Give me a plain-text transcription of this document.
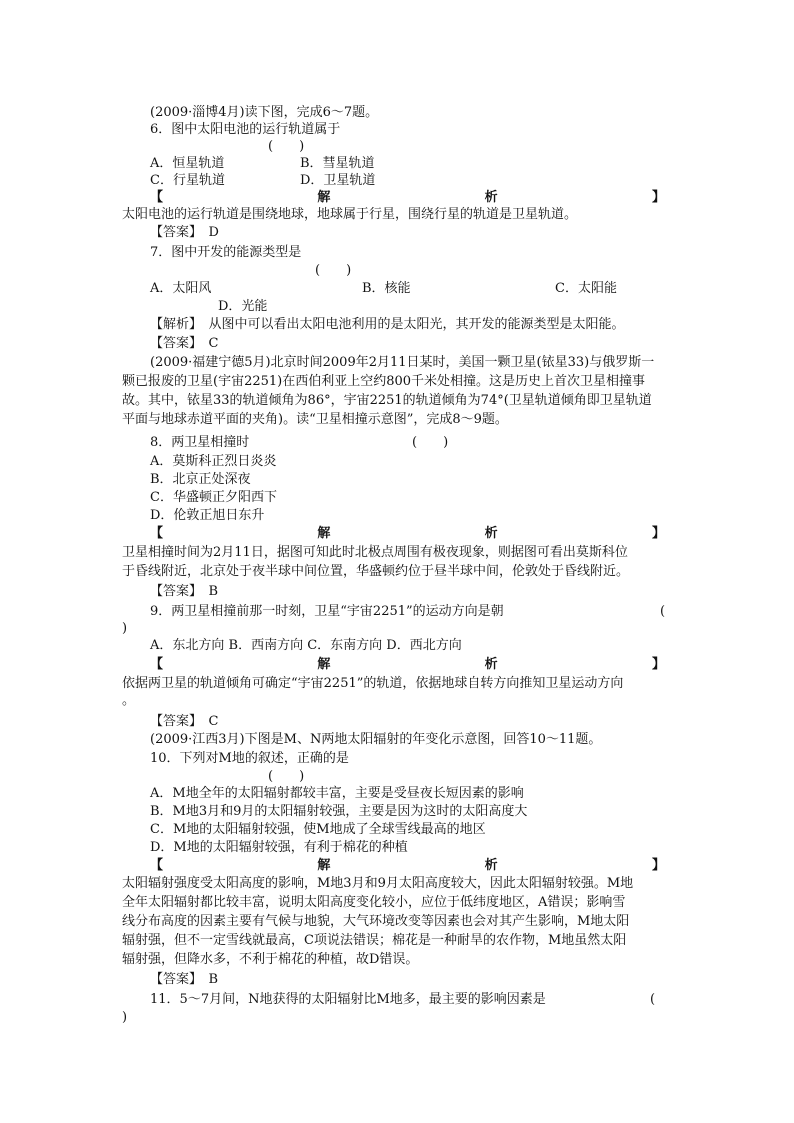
(2009·淄博4月)读下图，完成6～7题。
6．图中太阳电池的运行轨道属于
(　　)
A．恒星轨道	B．彗星轨道
C．行星轨道	D．卫星轨道
【	解	析	】
太阳电池的运行轨道是围绕地球，地球属于行星，围绕行星的轨道是卫星轨道。
【答案】　D
7．图中开发的能源类型是
(　　)
A．太阳风	B．核能	C．太阳能
D．光能
【解析】　从图中可以看出太阳电池利用的是太阳光，其开发的能源类型是太阳能。
【答案】　C
(2009·福建宁德5月)北京时间2009年2月11日某时，美国一颗卫星(铱星33)与俄罗斯一
颗已报废的卫星(宇宙2251)在西伯利亚上空约800千米处相撞。这是历史上首次卫星相撞事
故。其中，铱星33的轨道倾角为86°，宇宙2251的轨道倾角为74°(卫星轨道倾角即卫星轨道
平面与地球赤道平面的夹角)。读“卫星相撞示意图”，完成8～9题。
8．两卫星相撞时	(　　)
A．莫斯科正烈日炎炎
B．北京正处深夜
C．华盛顿正夕阳西下
D．伦敦正旭日东升
【	解	析	】
卫星相撞时间为2月11日，据图可知此时北极点周围有极夜现象，则据图可看出莫斯科位
于昏线附近，北京处于夜半球中间位置，华盛顿约位于昼半球中间，伦敦处于昏线附近。
【答案】　B
9．两卫星相撞前那一时刻，卫星“宇宙2251”的运动方向是朝	(
)
A．东北方向 B．西南方向 C．东南方向 D．西北方向
【	解	析	】
依据两卫星的轨道倾角可确定“宇宙2251”的轨道，依据地球自转方向推知卫星运动方向
。
【答案】　C
(2009·江西3月)下图是M、N两地太阳辐射的年变化示意图，回答10～11题。
10．下列对M地的叙述，正确的是
(　　)
A．M地全年的太阳辐射都较丰富，主要是受昼夜长短因素的影响
B．M地3月和9月的太阳辐射较强，主要是因为这时的太阳高度大
C．M地的太阳辐射较强，使M地成了全球雪线最高的地区
D．M地的太阳辐射较强，有利于棉花的种植
【	解	析	】
太阳辐射强度受太阳高度的影响，M地3月和9月太阳高度较大，因此太阳辐射较强。M地
全年太阳辐射都比较丰富，说明太阳高度变化较小，应位于低纬度地区，A错误；影响雪
线分布高度的因素主要有气候与地貌，大气环境改变等因素也会对其产生影响，M地太阳
辐射强，但不一定雪线就最高，C项说法错误；棉花是一种耐旱的农作物，M地虽然太阳
辐射强，但降水多，不利于棉花的种植，故D错误。
【答案】　B
11．5～7月间，N地获得的太阳辐射比M地多，最主要的影响因素是	(
)
